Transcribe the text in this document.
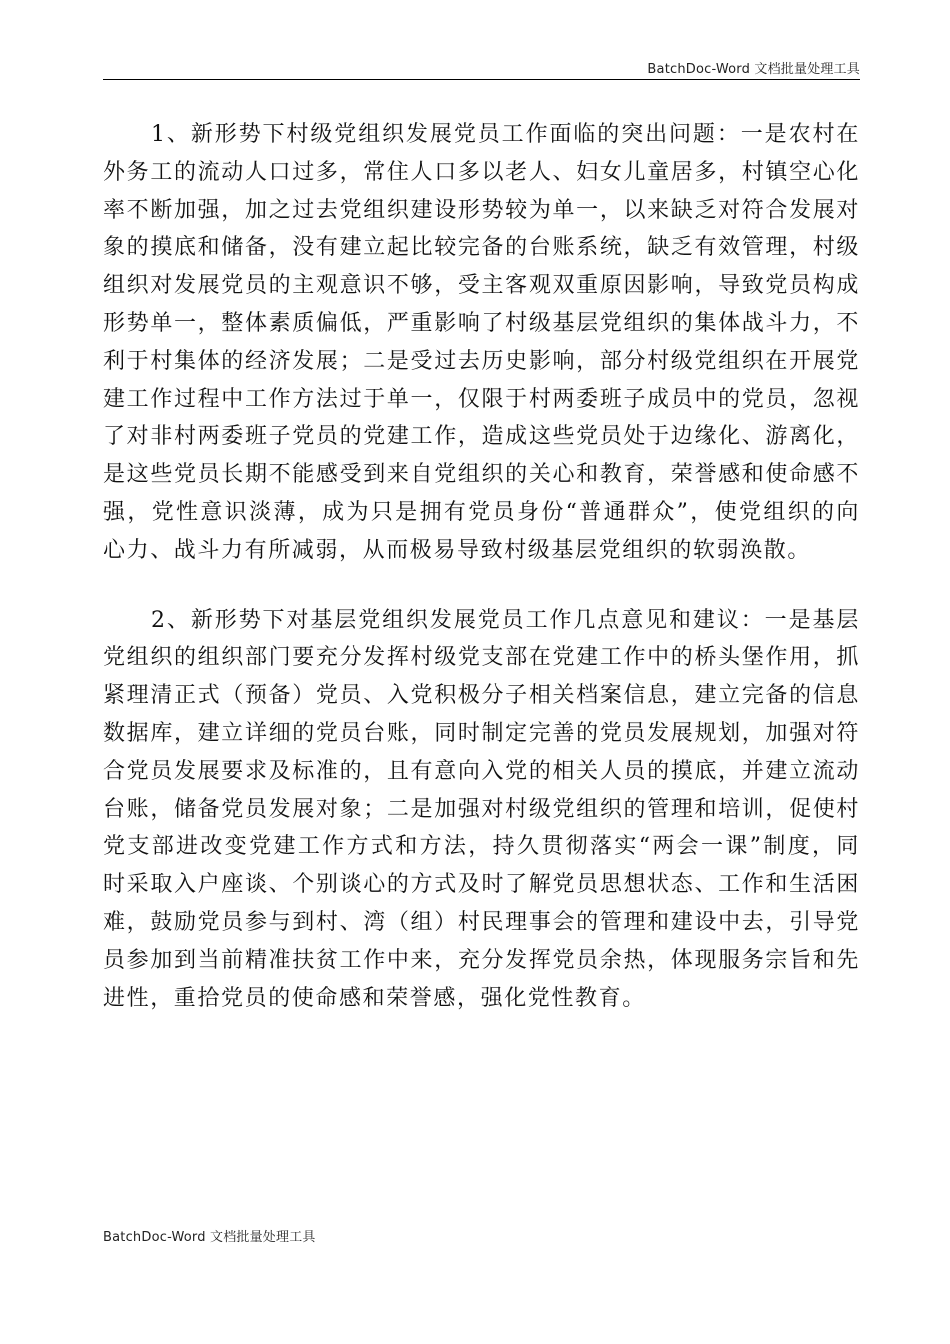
BatchDoc-Word 文档批量处理工具

1、新形势下村级党组织发展党员工作面临的突出问题：一是农村在外务工的流动人口过多，常住人口多以老人、妇女儿童居多，村镇空心化率不断加强，加之过去党组织建设形势较为单一，以来缺乏对符合发展对象的摸底和储备，没有建立起比较完备的台账系统，缺乏有效管理，村级组织对发展党员的主观意识不够，受主客观双重原因影响，导致党员构成形势单一，整体素质偏低，严重影响了村级基层党组织的集体战斗力，不利于村集体的经济发展；二是受过去历史影响，部分村级党组织在开展党建工作过程中工作方法过于单一，仅限于村两委班子成员中的党员，忽视了对非村两委班子党员的党建工作，造成这些党员处于边缘化、游离化，是这些党员长期不能感受到来自党组织的关心和教育，荣誉感和使命感不强，党性意识淡薄，成为只是拥有党员身份“普通群众”，使党组织的向心力、战斗力有所减弱，从而极易导致村级基层党组织的软弱涣散。

2、新形势下对基层党组织发展党员工作几点意见和建议：一是基层党组织的组织部门要充分发挥村级党支部在党建工作中的桥头堡作用，抓紧理清正式（预备）党员、入党积极分子相关档案信息，建立完备的信息数据库，建立详细的党员台账，同时制定完善的党员发展规划，加强对符合党员发展要求及标准的，且有意向入党的相关人员的摸底，并建立流动台账，储备党员发展对象；二是加强对村级党组织的管理和培训，促使村党支部进改变党建工作方式和方法，持久贯彻落实“两会一课”制度，同时采取入户座谈、个别谈心的方式及时了解党员思想状态、工作和生活困难，鼓励党员参与到村、湾（组）村民理事会的管理和建设中去，引导党员参加到当前精准扶贫工作中来，充分发挥党员余热，体现服务宗旨和先进性，重拾党员的使命感和荣誉感，强化党性教育。

BatchDoc-Word 文档批量处理工具
